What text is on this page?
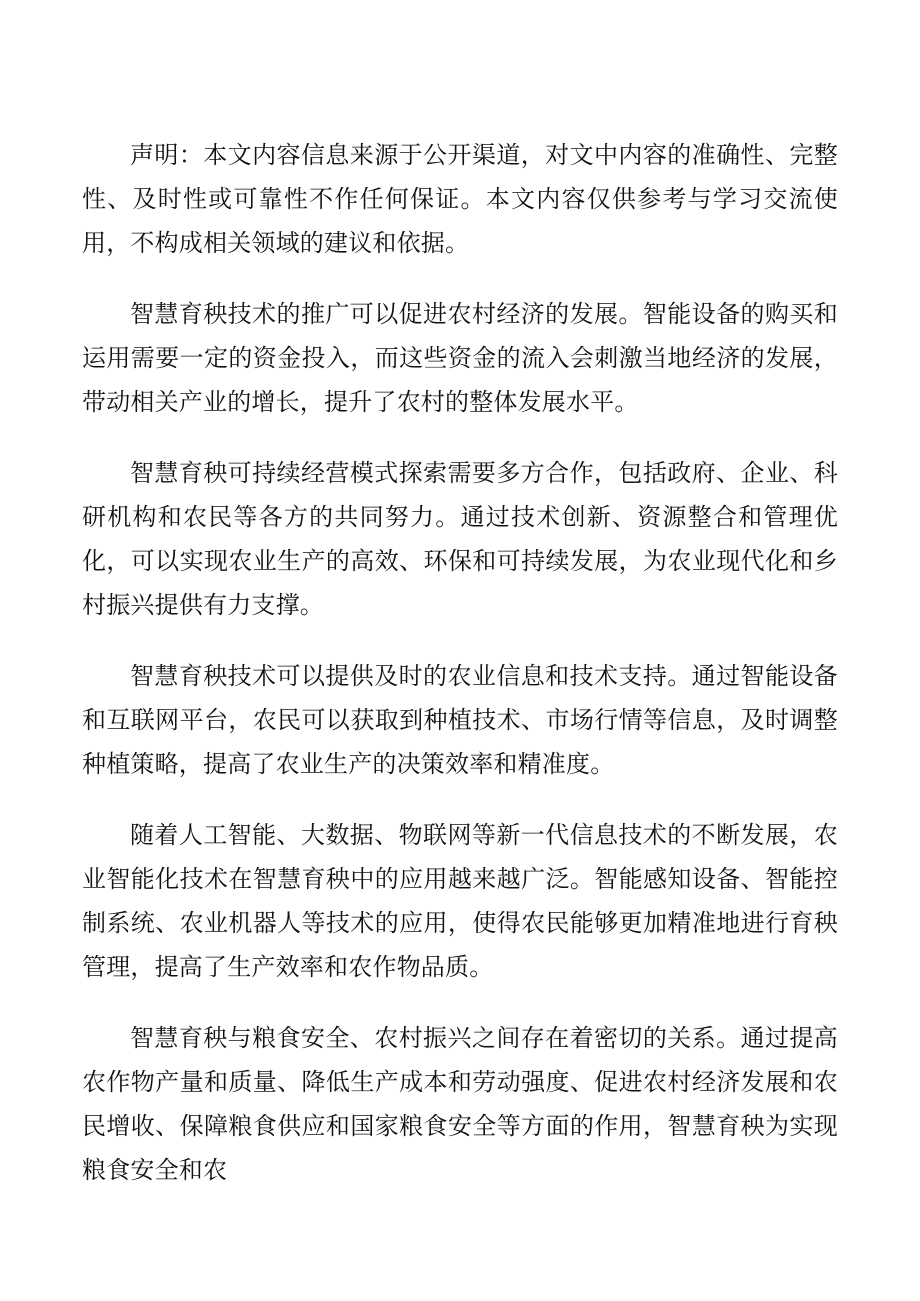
声明：本文内容信息来源于公开渠道，对文中内容的准确性、完整性、及时性或可靠性不作任何保证。本文内容仅供参考与学习交流使用，不构成相关领域的建议和依据。

智慧育秧技术的推广可以促进农村经济的发展。智能设备的购买和运用需要一定的资金投入，而这些资金的流入会刺激当地经济的发展，带动相关产业的增长，提升了农村的整体发展水平。

智慧育秧可持续经营模式探索需要多方合作，包括政府、企业、科研机构和农民等各方的共同努力。通过技术创新、资源整合和管理优化，可以实现农业生产的高效、环保和可持续发展，为农业现代化和乡村振兴提供有力支撑。

智慧育秧技术可以提供及时的农业信息和技术支持。通过智能设备和互联网平台，农民可以获取到种植技术、市场行情等信息，及时调整种植策略，提高了农业生产的决策效率和精准度。

随着人工智能、大数据、物联网等新一代信息技术的不断发展，农业智能化技术在智慧育秧中的应用越来越广泛。智能感知设备、智能控制系统、农业机器人等技术的应用，使得农民能够更加精准地进行育秧管理，提高了生产效率和农作物品质。

智慧育秧与粮食安全、农村振兴之间存在着密切的关系。通过提高农作物产量和质量、降低生产成本和劳动强度、促进农村经济发展和农民增收、保障粮食供应和国家粮食安全等方面的作用，智慧育秧为实现粮食安全和农
